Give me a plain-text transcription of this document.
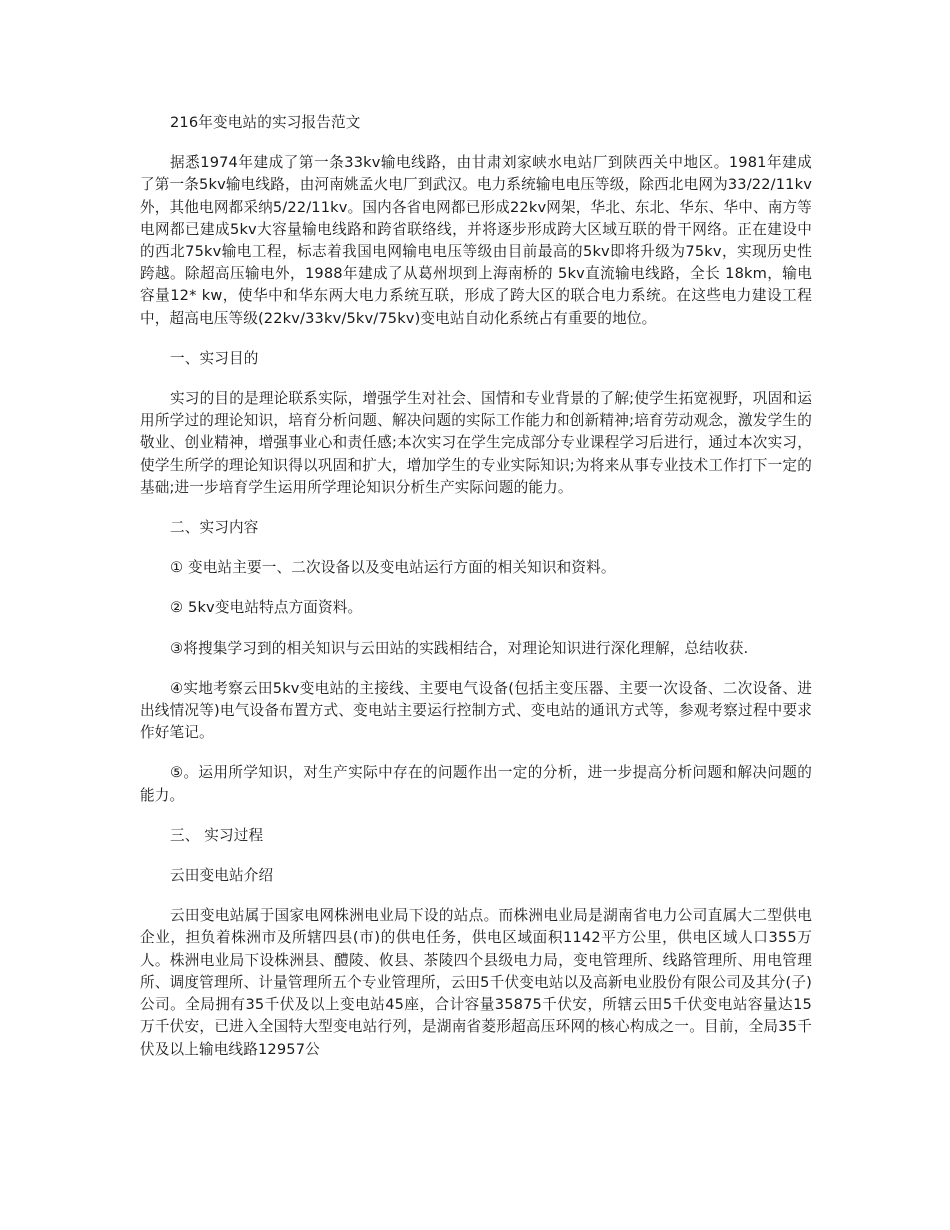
216年变电站的实习报告范文

据悉1974年建成了第一条33kv输电线路，由甘肃刘家峡水电站厂到陕西关中地区。1981年建成了第一条5kv输电线路，由河南姚孟火电厂到武汉。电力系统输电电压等级，除西北电网为33/22/11kv外，其他电网都采纳5/22/11kv。国内各省电网都已形成22kv网架，华北、东北、华东、华中、南方等电网都已建成5kv大容量输电线路和跨省联络线，并将逐步形成跨大区域互联的骨干网络。正在建设中的西北75kv输电工程，标志着我国电网输电电压等级由目前最高的5kv即将升级为75kv，实现历史性跨越。除超高压输电外，1988年建成了从葛州坝到上海南桥的 5kv直流输电线路，全长 18km，输电容量12* kw，使华中和华东两大电力系统互联，形成了跨大区的联合电力系统。在这些电力建设工程中，超高电压等级(22kv/33kv/5kv/75kv)变电站自动化系统占有重要的地位。

一、实习目的

实习的目的是理论联系实际，增强学生对社会、国情和专业背景的了解;使学生拓宽视野，巩固和运用所学过的理论知识，培育分析问题、解决问题的实际工作能力和创新精神;培育劳动观念，激发学生的敬业、创业精神，增强事业心和责任感;本次实习在学生完成部分专业课程学习后进行，通过本次实习，使学生所学的理论知识得以巩固和扩大，增加学生的专业实际知识;为将来从事专业技术工作打下一定的基础;进一步培育学生运用所学理论知识分析生产实际问题的能力。

二、实习内容

① 变电站主要一、二次设备以及变电站运行方面的相关知识和资料。

② 5kv变电站特点方面资料。

③将搜集学习到的相关知识与云田站的实践相结合，对理论知识进行深化理解，总结收获.

④实地考察云田5kv变电站的主接线、主要电气设备(包括主变压器、主要一次设备、二次设备、进出线情况等)电气设备布置方式、变电站主要运行控制方式、变电站的通讯方式等，参观考察过程中要求作好笔记。

⑤。运用所学知识，对生产实际中存在的问题作出一定的分析，进一步提高分析问题和解决问题的能力。

三、 实习过程

云田变电站介绍

云田变电站属于国家电网株洲电业局下设的站点。而株洲电业局是湖南省电力公司直属大二型供电企业，担负着株洲市及所辖四县(市)的供电任务，供电区域面积1142平方公里，供电区域人口355万人。株洲电业局下设株洲县、醴陵、攸县、茶陵四个县级电力局，变电管理所、线路管理所、用电管理所、调度管理所、计量管理所五个专业管理所，云田5千伏变电站以及高新电业股份有限公司及其分(子)公司。全局拥有35千伏及以上变电站45座，合计容量35875千伏安，所辖云田5千伏变电站容量达15万千伏安，已进入全国特大型变电站行列，是湖南省菱形超高压环网的核心构成之一。目前，全局35千伏及以上输电线路12957公
